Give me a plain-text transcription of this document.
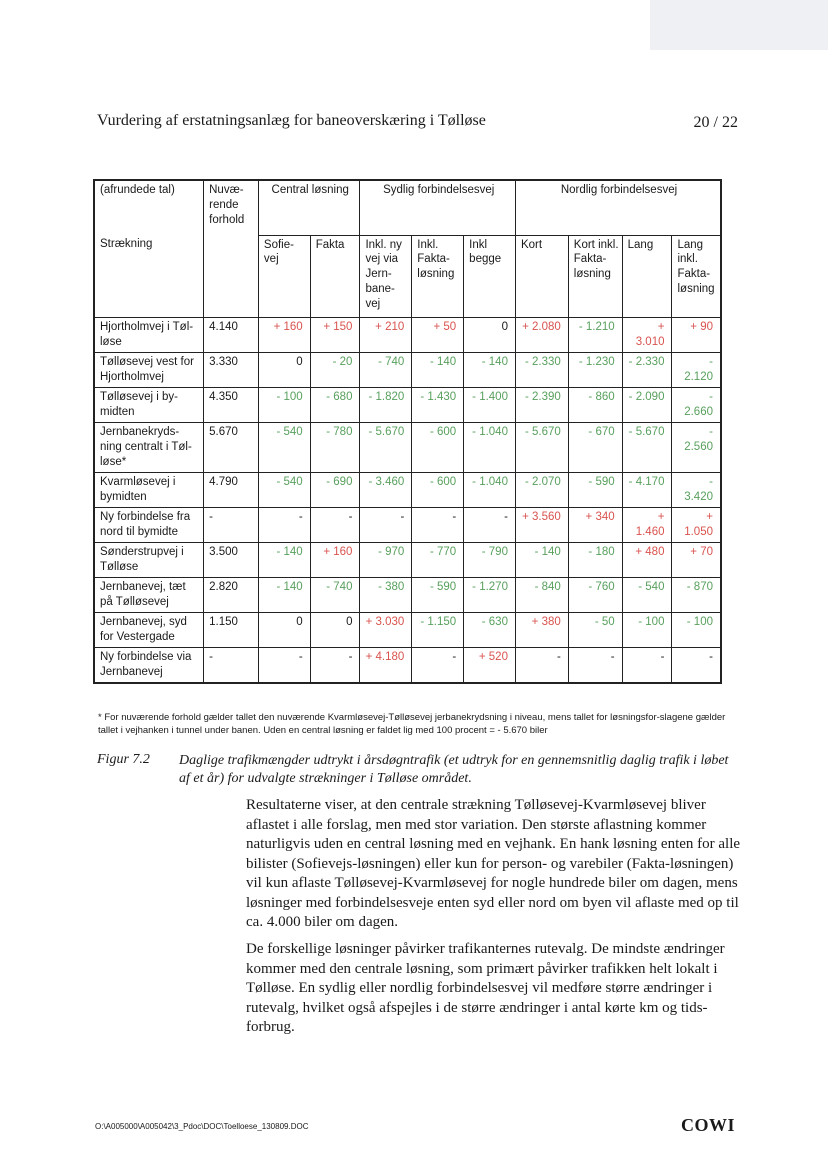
Vurdering af erstatningsanlæg for baneoverskæring i Tølløse	20 / 22
(afrundede tal)	Nuvæ-rende forhold	Central løsning		Sydlig forbindelsesvej			Nordlig forbindelsesvej			
Strækning		Sofie-vej	Fakta	Inkl. ny vej via Jern-bane-vej	Inkl. Fakta-løsning	Inkl begge	Kort	Kort inkl. Fakta-løsning	Lang	Lang inkl. Fakta-løsning
Hjortholmvej i Tøl-løse	4.140	+ 160	+ 150	+ 210	+ 50	0	+ 2.080	- 1.210	+ 3.010	+ 90
Tølløsevej vest for Hjortholmvej	3.330	0	- 20	- 740	- 140	- 140	- 2.330	- 1.230	- 2.330	- 2.120
Tølløsevej i by-midten	4.350	- 100	- 680	- 1.820	- 1.430	- 1.400	- 2.390	- 860	- 2.090	- 2.660
Jernbanekryds-ning centralt i Tøl-løse*	5.670	- 540	- 780	- 5.670	- 600	- 1.040	- 5.670	- 670	- 5.670	- 2.560
Kvarmløsevej i bymidten	4.790	- 540	- 690	- 3.460	- 600	- 1.040	- 2.070	- 590	- 4.170	- 3.420
Ny forbindelse fra nord til bymidte	-	-	-	-	-	-	+ 3.560	+ 340	+ 1.460	+ 1.050
Sønderstrupvej i Tølløse	3.500	- 140	+ 160	- 970	- 770	- 790	- 140	- 180	+ 480	+ 70
Jernbanevej, tæt på Tølløsevej	2.820	- 140	- 740	- 380	- 590	- 1.270	- 840	- 760	- 540	- 870
Jernbanevej, syd for Vestergade	1.150	0	0	+ 3.030	- 1.150	- 630	+ 380	- 50	- 100	- 100
Ny forbindelse via Jernbanevej	-	-	-	+ 4.180	-	+ 520	-	-	-	-
* For nuværende forhold gælder tallet den nuværende Kvarmløsevej-Tølløsevej jerbanekrydsning i niveau, mens tallet for løsningsfor-slagene gælder tallet i vejhanken i tunnel under banen. Uden en central løsning er faldet lig med 100 procent = - 5.670 biler
Figur 7.2 Daglige trafikmængder udtrykt i årsdøgntrafik (et udtryk for en gennemsnitlig daglig trafik i løbet af et år) for udvalgte strækninger i Tølløse området.
Resultaterne viser, at den centrale strækning Tølløsevej-Kvarmløsevej bliver aflastet i alle forslag, men med stor variation. Den største aflastning kommer naturligvis uden en central løsning med en vejhank. En hank løsning enten for alle bilister (Sofievejs-løsningen) eller kun for person- og varebiler (Fakta-løsningen) vil kun aflaste Tølløsevej-Kvarmløsevej for nogle hundrede biler om dagen, mens løsninger med forbindelsesveje enten syd eller nord om byen vil aflaste med op til ca. 4.000 biler om dagen.
De forskellige løsninger påvirker trafikanternes rutevalg. De mindste ændringer kommer med den centrale løsning, som primært påvirker trafikken helt lokalt i Tølløse. En sydlig eller nordlig forbindelsesvej vil medføre større ændringer i rutevalg, hvilket også afspejles i de større ændringer i antal kørte km og tids-forbrug.
O:\A005000\A005042\3_Pdoc\DOC\Toelloese_130809.DOC	COWI
